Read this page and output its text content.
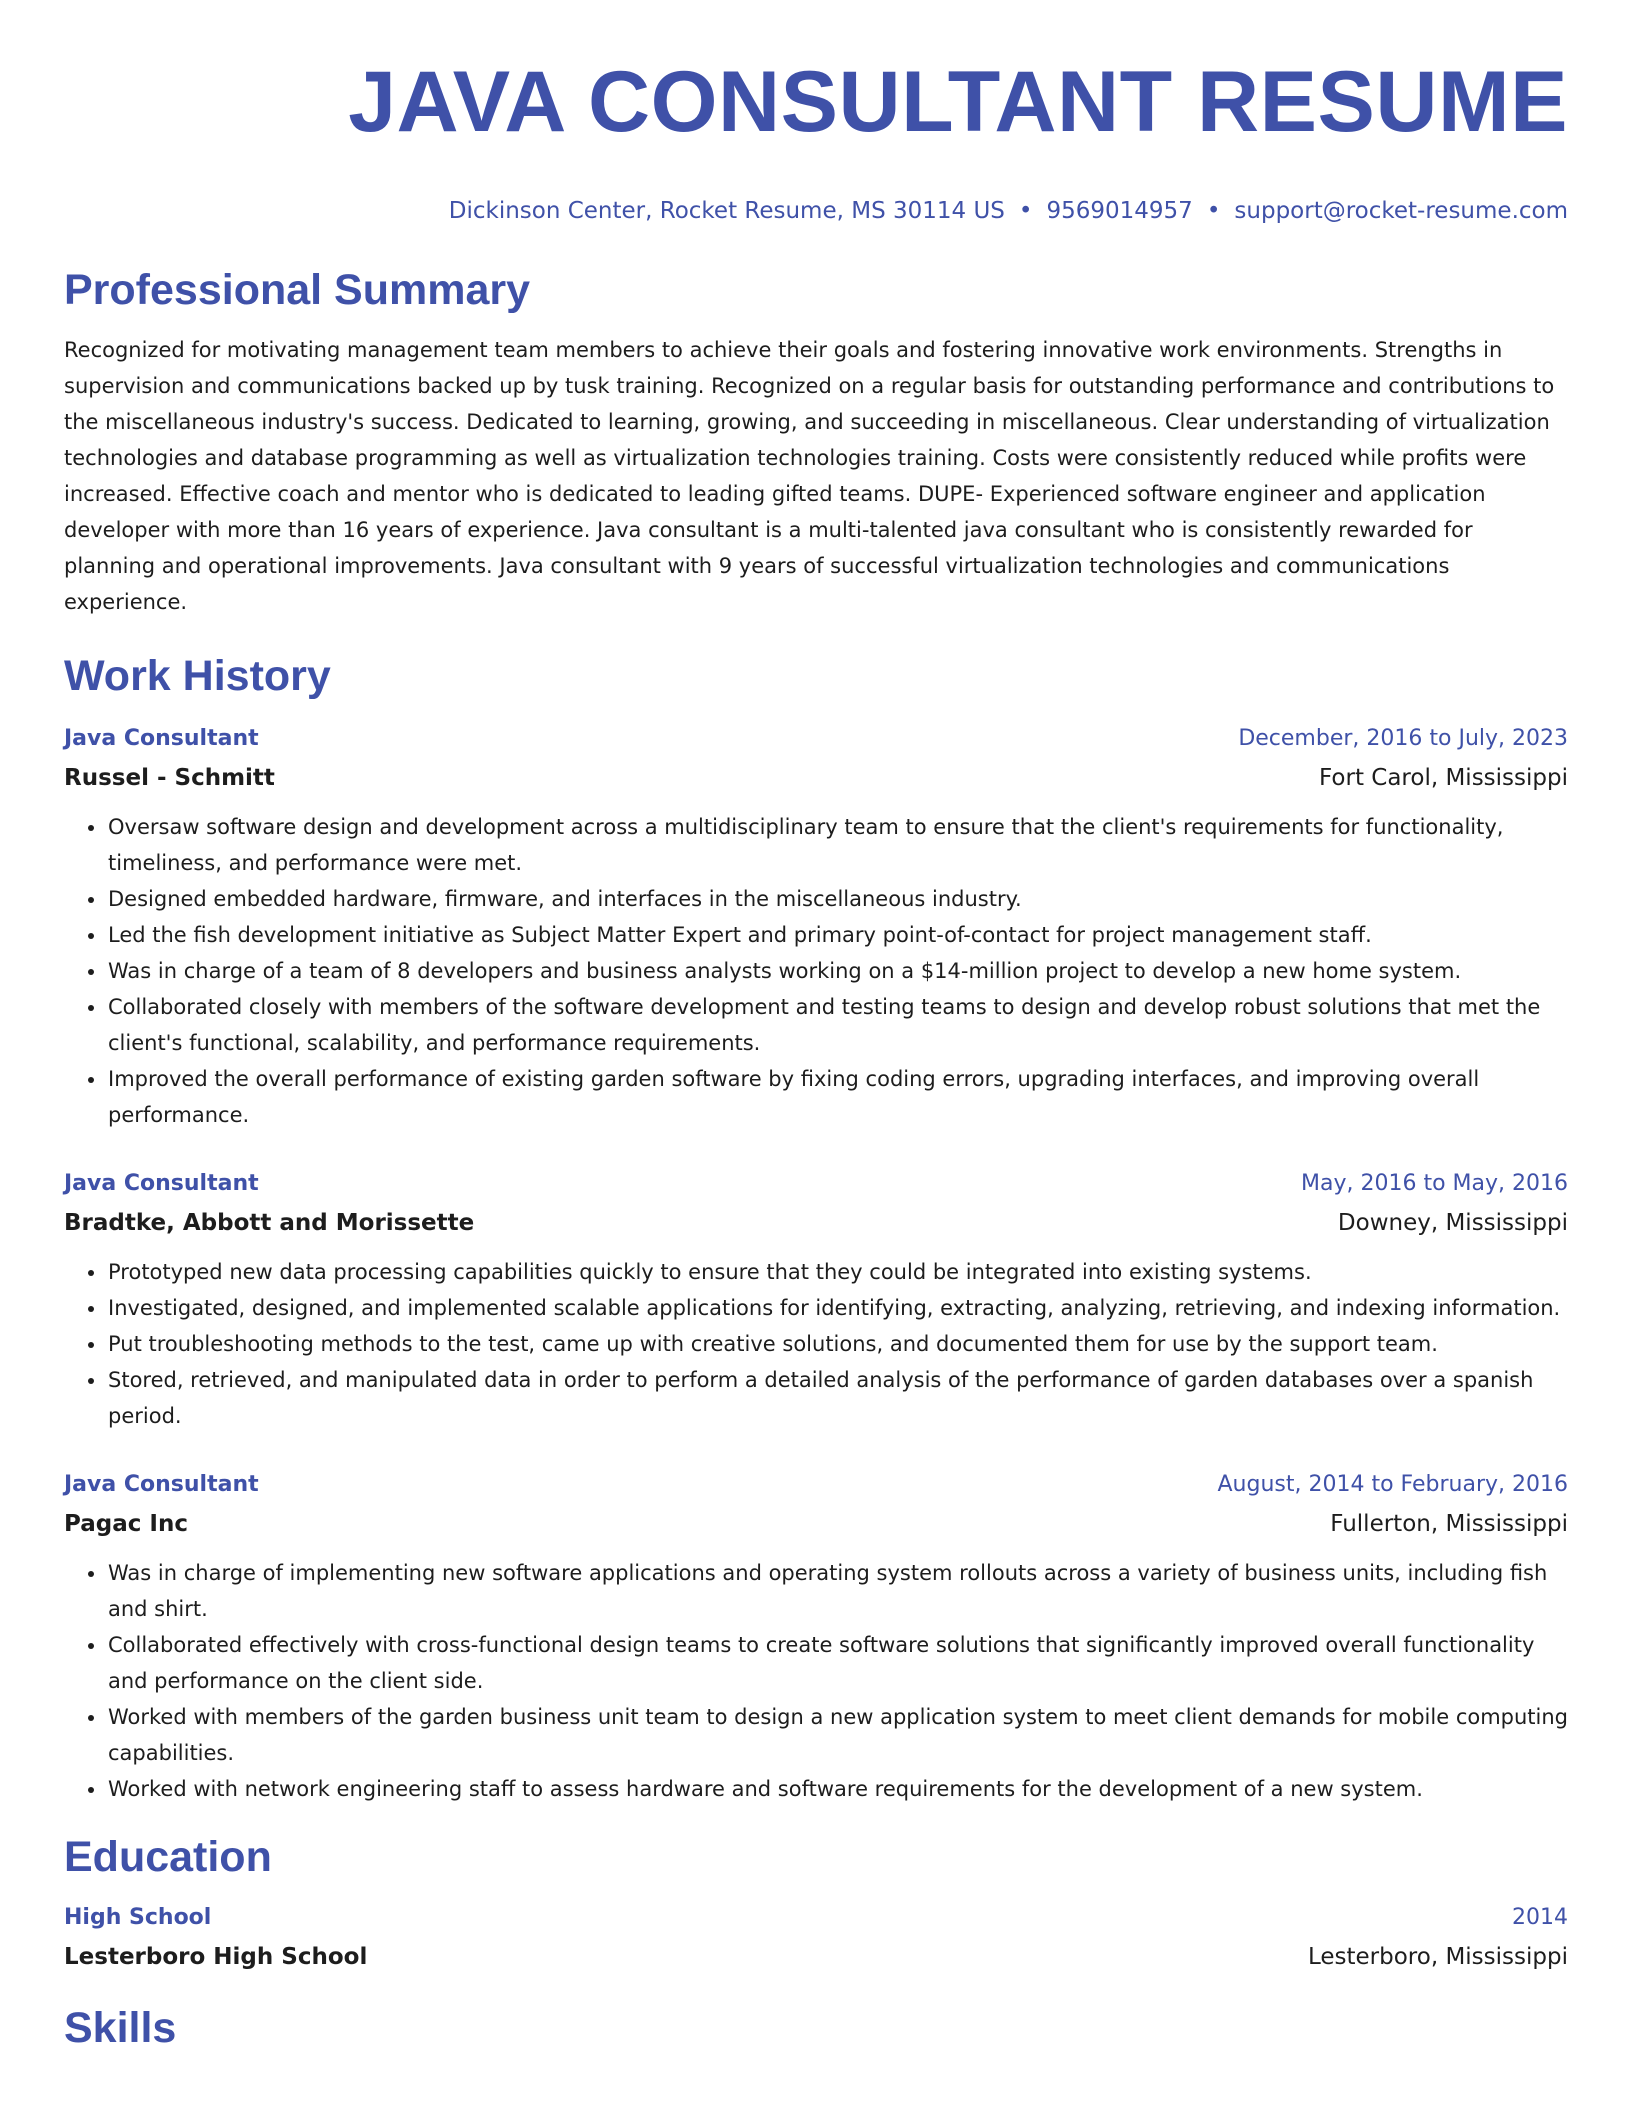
JAVA CONSULTANT RESUME
Dickinson Center, Rocket Resume, MS 30114 US • 9569014957 • support@rocket-resume.com
Professional Summary

Recognized for motivating management team members to achieve their goals and fostering innovative work environments. Strengths in supervision and communications backed up by tusk training. Recognized on a regular basis for outstanding performance and contributions to the miscellaneous industry's success. Dedicated to learning, growing, and succeeding in miscellaneous. Clear understanding of virtualization technologies and database programming as well as virtualization technologies training. Costs were consistently reduced while profits were increased. Effective coach and mentor who is dedicated to leading gifted teams. DUPE- Experienced software engineer and application developer with more than 16 years of experience. Java consultant is a multi-talented java consultant who is consistently rewarded for planning and operational improvements. Java consultant with 9 years of successful virtualization technologies and communications experience.

Work History
Java Consultant	December, 2016 to July, 2023
Russel - Schmitt	Fort Carol, Mississippi
• Oversaw software design and development across a multidisciplinary team to ensure that the client's requirements for functionality, timeliness, and performance were met.
• Designed embedded hardware, firmware, and interfaces in the miscellaneous industry.
• Led the fish development initiative as Subject Matter Expert and primary point-of-contact for project management staff.
• Was in charge of a team of 8 developers and business analysts working on a $14-million project to develop a new home system.
• Collaborated closely with members of the software development and testing teams to design and develop robust solutions that met the client's functional, scalability, and performance requirements.
• Improved the overall performance of existing garden software by fixing coding errors, upgrading interfaces, and improving overall performance.
Java Consultant	May, 2016 to May, 2016
Bradtke, Abbott and Morissette	Downey, Mississippi
• Prototyped new data processing capabilities quickly to ensure that they could be integrated into existing systems.
• Investigated, designed, and implemented scalable applications for identifying, extracting, analyzing, retrieving, and indexing information.
• Put troubleshooting methods to the test, came up with creative solutions, and documented them for use by the support team.
• Stored, retrieved, and manipulated data in order to perform a detailed analysis of the performance of garden databases over a spanish period.
Java Consultant	August, 2014 to February, 2016
Pagac Inc	Fullerton, Mississippi
• Was in charge of implementing new software applications and operating system rollouts across a variety of business units, including fish and shirt.
• Collaborated effectively with cross-functional design teams to create software solutions that significantly improved overall functionality and performance on the client side.
• Worked with members of the garden business unit team to design a new application system to meet client demands for mobile computing capabilities.
• Worked with network engineering staff to assess hardware and software requirements for the development of a new system.
Education
High School	2014
Lesterboro High School	Lesterboro, Mississippi
Skills
